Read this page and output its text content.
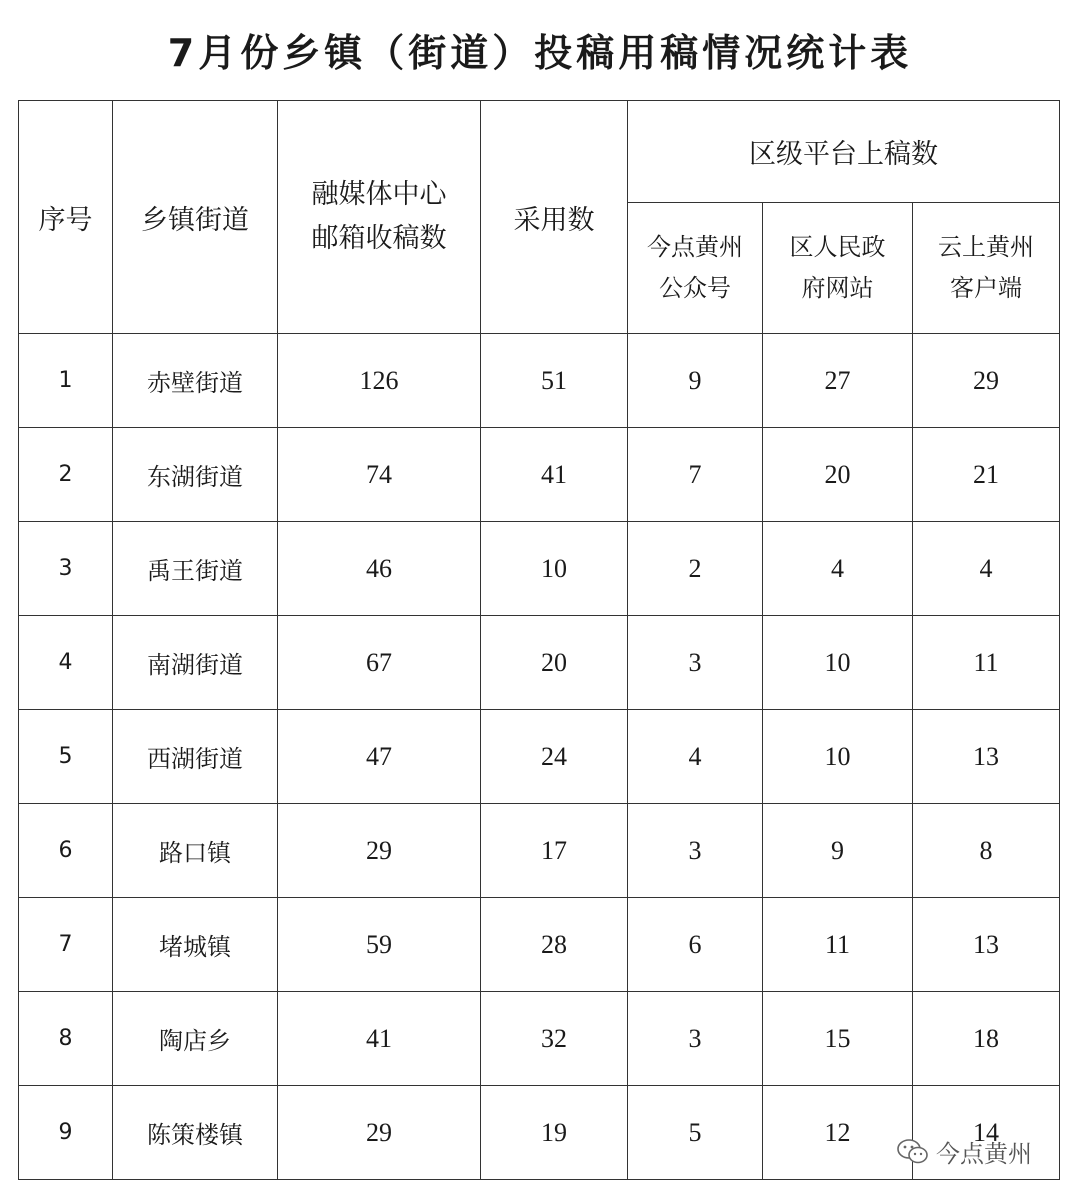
7月份乡镇（街道）投稿用稿情况统计表
序号	乡镇街道	融媒体中心邮箱收稿数	采用数	区级平台上稿数		

				今点黄州公众号	区人民政府网站	云上黄州客户端

1	赤壁街道	126	51	9	27	29
2	东湖街道	74	41	7	20	21
3	禹王街道	46	10	2	4	4
4	南湖街道	67	20	3	10	11
5	西湖街道	47	24	4	10	13
6	路口镇	29	17	3	9	8
7	堵城镇	59	28	6	11	13
8	陶店乡	41	32	3	15	18
9	陈策楼镇	29	19	5	12	14
今点黄州
